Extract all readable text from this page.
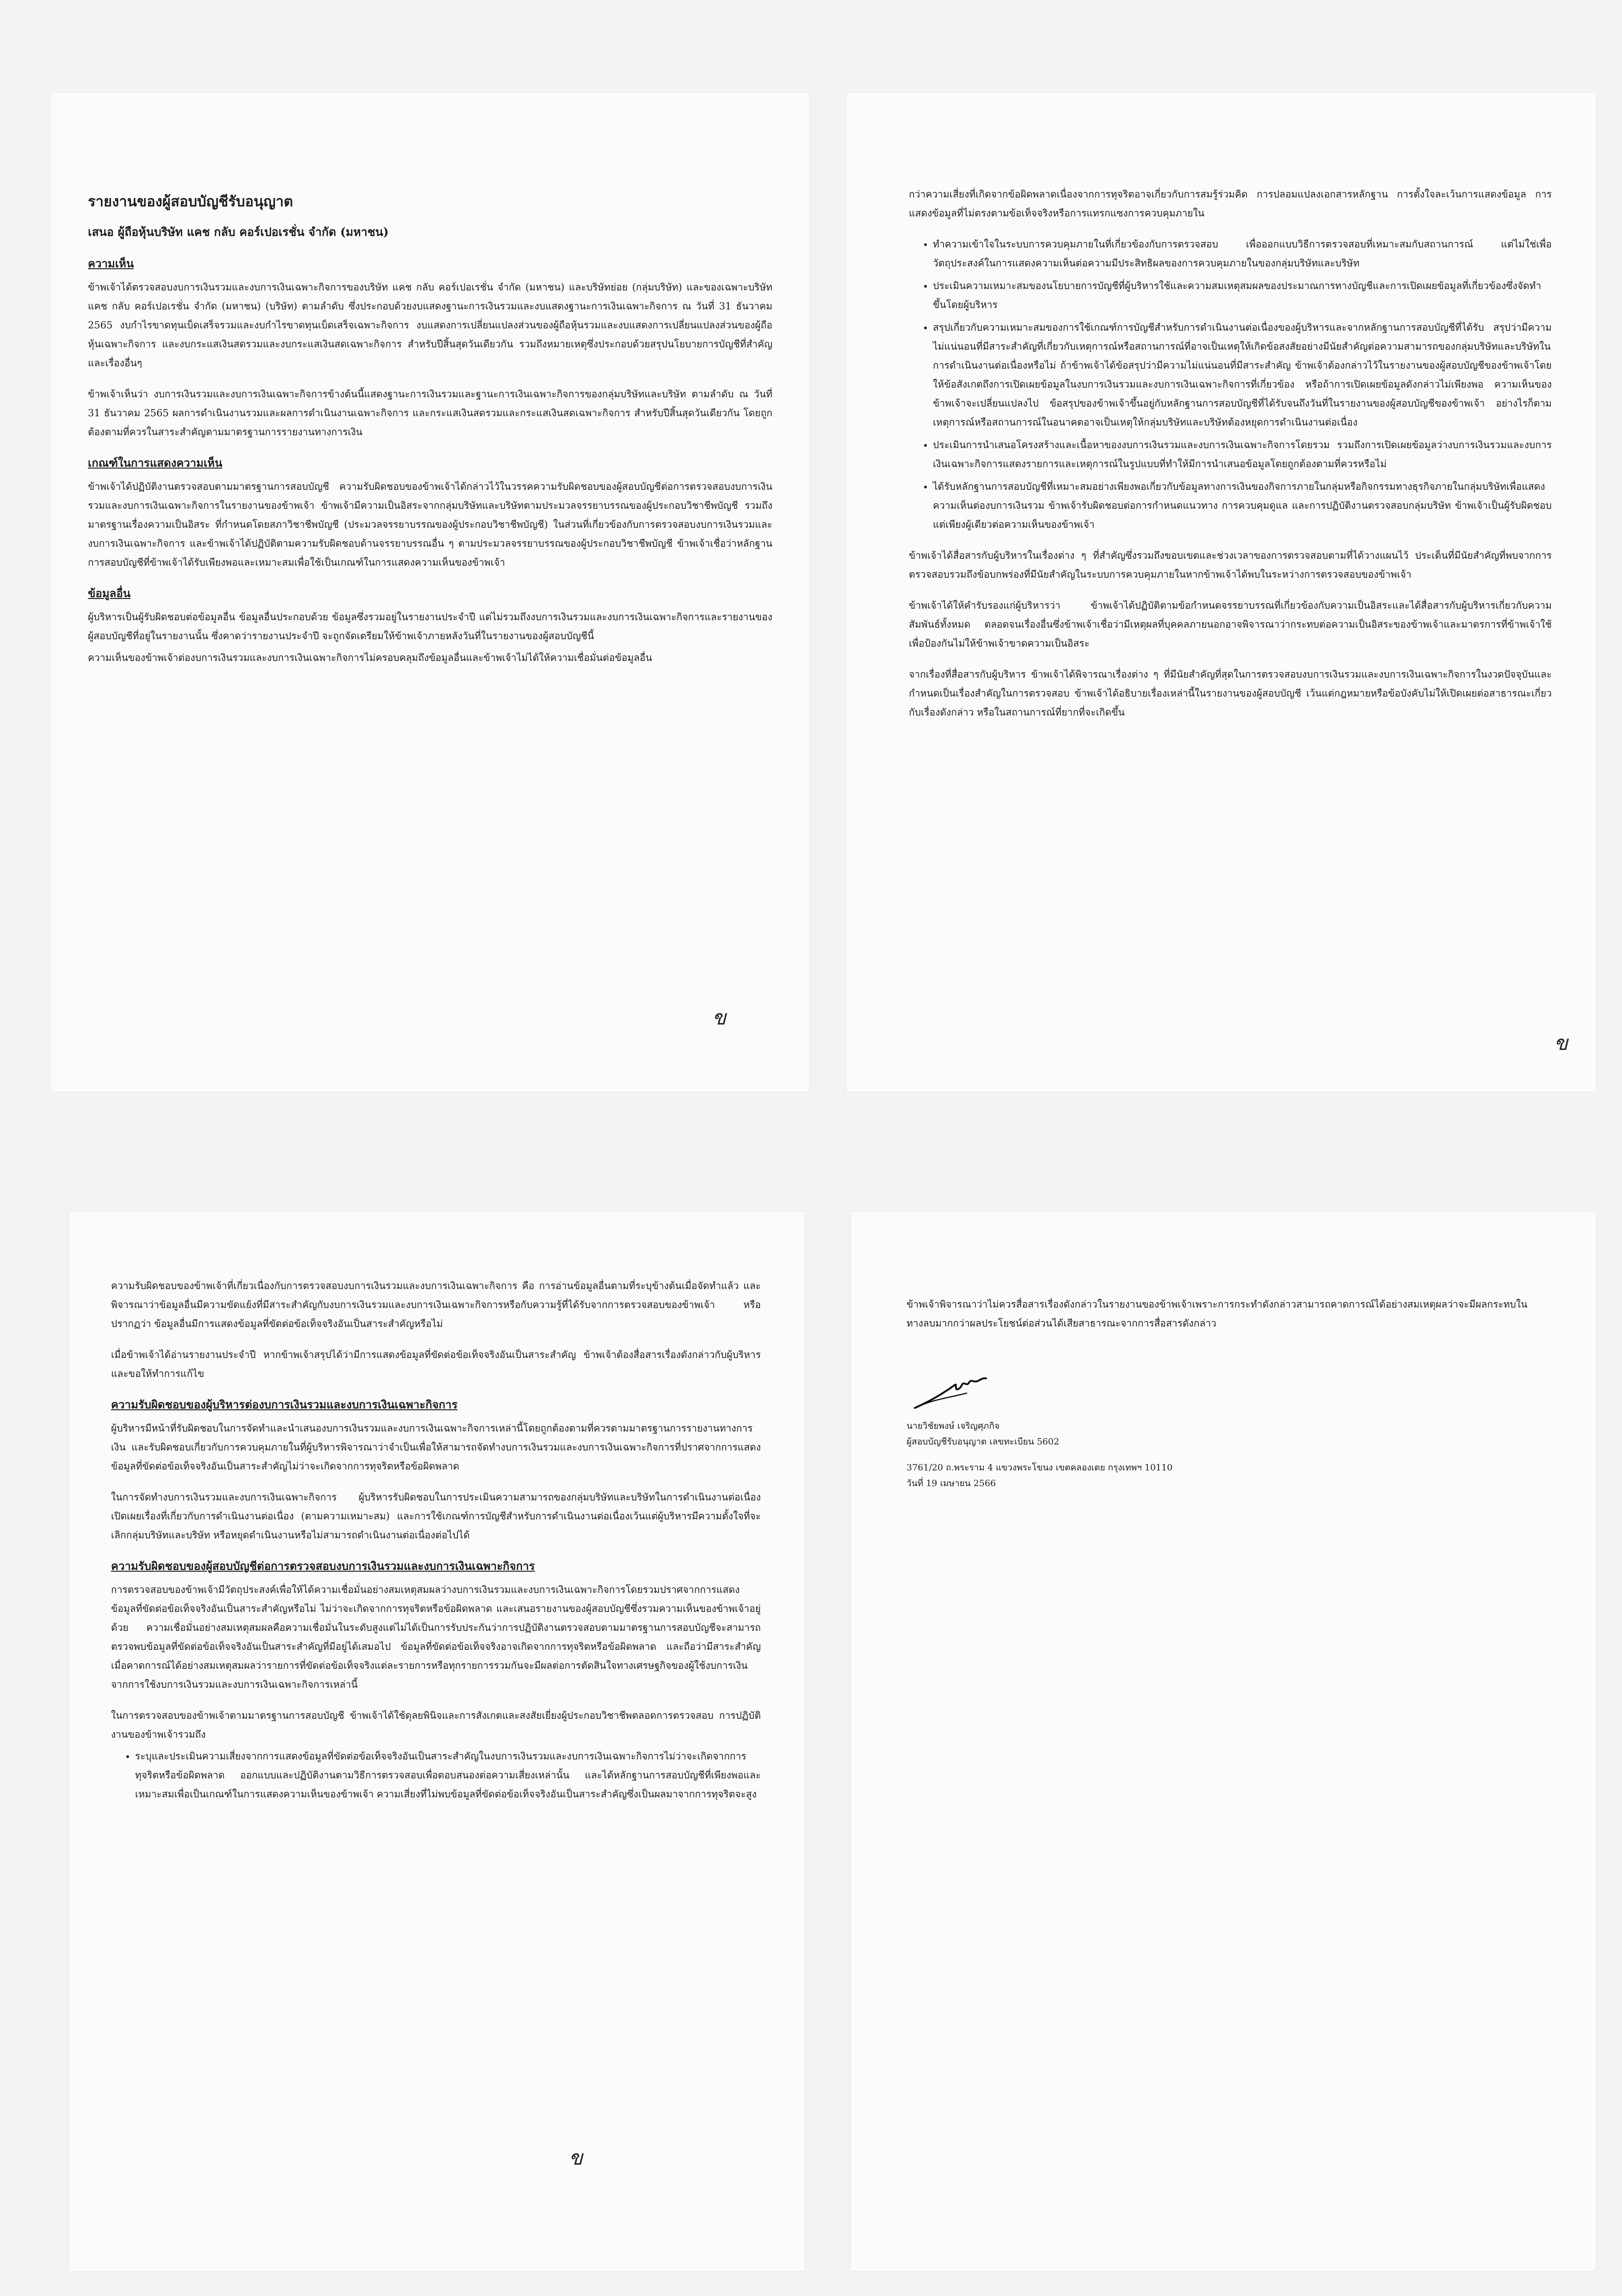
รายงานของผู้สอบบัญชีรับอนุญาต
เสนอ ผู้ถือหุ้นบริษัท แคช กลับ คอร์เปอเรชั่น จำกัด (มหาชน)
ความเห็น

ข้าพเจ้าได้ตรวจสอบงบการเงินรวมและงบการเงินเฉพาะกิจการของบริษัท แคช กลับ คอร์เปอเรชั่น จำกัด (มหาชน) และบริษัทย่อย (กลุ่มบริษัท) และของเฉพาะบริษัท แคช กลับ คอร์เปอเรชั่น จำกัด (มหาชน) (บริษัท) ตามลำดับ ซึ่งประกอบด้วยงบแสดงฐานะการเงินรวมและงบแสดงฐานะการเงินเฉพาะกิจการ ณ วันที่ 31 ธันวาคม 2565 งบกำไรขาดทุนเบ็ดเสร็จรวมและงบกำไรขาดทุนเบ็ดเสร็จเฉพาะกิจการ งบแสดงการเปลี่ยนแปลงส่วนของผู้ถือหุ้นรวมและงบแสดงการเปลี่ยนแปลงส่วนของผู้ถือหุ้นเฉพาะกิจการ และงบกระแสเงินสดรวมและงบกระแสเงินสดเฉพาะกิจการ สำหรับปีสิ้นสุดวันเดียวกัน รวมถึงหมายเหตุซึ่งประกอบด้วยสรุปนโยบายการบัญชีที่สำคัญและเรื่องอื่นๆ

ข้าพเจ้าเห็นว่า งบการเงินรวมและงบการเงินเฉพาะกิจการข้างต้นนี้แสดงฐานะการเงินรวมและฐานะการเงินเฉพาะกิจการของกลุ่มบริษัทและบริษัท ตามลำดับ ณ วันที่ 31 ธันวาคม 2565 ผลการดำเนินงานรวมและผลการดำเนินงานเฉพาะกิจการ และกระแสเงินสดรวมและกระแสเงินสดเฉพาะกิจการ สำหรับปีสิ้นสุดวันเดียวกัน โดยถูกต้องตามที่ควรในสาระสำคัญตามมาตรฐานการรายงานทางการเงิน

เกณฑ์ในการแสดงความเห็น

ข้าพเจ้าได้ปฏิบัติงานตรวจสอบตามมาตรฐานการสอบบัญชี ความรับผิดชอบของข้าพเจ้าได้กล่าวไว้ในวรรคความรับผิดชอบของผู้สอบบัญชีต่อการตรวจสอบงบการเงินรวมและงบการเงินเฉพาะกิจการในรายงานของข้าพเจ้า ข้าพเจ้ามีความเป็นอิสระจากกลุ่มบริษัทและบริษัทตามประมวลจรรยาบรรณของผู้ประกอบวิชาชีพบัญชี รวมถึง มาตรฐานเรื่องความเป็นอิสระ ที่กำหนดโดยสภาวิชาชีพบัญชี (ประมวลจรรยาบรรณของผู้ประกอบวิชาชีพบัญชี) ในส่วนที่เกี่ยวข้องกับการตรวจสอบงบการเงินรวมและงบการเงินเฉพาะกิจการ และข้าพเจ้าได้ปฏิบัติตามความรับผิดชอบด้านจรรยาบรรณอื่น ๆ ตามประมวลจรรยาบรรณของผู้ประกอบวิชาชีพบัญชี ข้าพเจ้าเชื่อว่าหลักฐานการสอบบัญชีที่ข้าพเจ้าได้รับเพียงพอและเหมาะสมเพื่อใช้เป็นเกณฑ์ในการแสดงความเห็นของข้าพเจ้า

ข้อมูลอื่น

ผู้บริหารเป็นผู้รับผิดชอบต่อข้อมูลอื่น ข้อมูลอื่นประกอบด้วย ข้อมูลซึ่งรวมอยู่ในรายงานประจำปี แต่ไม่รวมถึงงบการเงินรวมและงบการเงินเฉพาะกิจการและรายงานของผู้สอบบัญชีที่อยู่ในรายงานนั้น ซึ่งคาดว่ารายงานประจำปี จะถูกจัดเตรียมให้ข้าพเจ้าภายหลังวันที่ในรายงานของผู้สอบบัญชีนี้

ความเห็นของข้าพเจ้าต่องบการเงินรวมและงบการเงินเฉพาะกิจการไม่ครอบคลุมถึงข้อมูลอื่นและข้าพเจ้าไม่ได้ให้ความเชื่อมั่นต่อข้อมูลอื่น

ข

กว่าความเสี่ยงที่เกิดจากข้อผิดพลาดเนื่องจากการทุจริตอาจเกี่ยวกับการสมรู้ร่วมคิด การปลอมแปลงเอกสารหลักฐาน การตั้งใจละเว้นการแสดงข้อมูล การแสดงข้อมูลที่ไม่ตรงตามข้อเท็จจริงหรือการแทรกแซงการควบคุมภายใน

• ทำความเข้าใจในระบบการควบคุมภายในที่เกี่ยวข้องกับการตรวจสอบ เพื่อออกแบบวิธีการตรวจสอบที่เหมาะสมกับสถานการณ์ แต่ไม่ใช่เพื่อวัตถุประสงค์ในการแสดงความเห็นต่อความมีประสิทธิผลของการควบคุมภายในของกลุ่มบริษัทและบริษัท
• ประเมินความเหมาะสมของนโยบายการบัญชีที่ผู้บริหารใช้และความสมเหตุสมผลของประมาณการทางบัญชีและการเปิดเผยข้อมูลที่เกี่ยวข้องซึ่งจัดทำขึ้นโดยผู้บริหาร
• สรุปเกี่ยวกับความเหมาะสมของการใช้เกณฑ์การบัญชีสำหรับการดำเนินงานต่อเนื่องของผู้บริหารและจากหลักฐานการสอบบัญชีที่ได้รับ สรุปว่ามีความไม่แน่นอนที่มีสาระสำคัญที่เกี่ยวกับเหตุการณ์หรือสถานการณ์ที่อาจเป็นเหตุให้เกิดข้อสงสัยอย่างมีนัยสำคัญต่อความสามารถของกลุ่มบริษัทและบริษัทในการดำเนินงานต่อเนื่องหรือไม่ ถ้าข้าพเจ้าได้ข้อสรุปว่ามีความไม่แน่นอนที่มีสาระสำคัญ ข้าพเจ้าต้องกล่าวไว้ในรายงานของผู้สอบบัญชีของข้าพเจ้าโดยให้ข้อสังเกตถึงการเปิดเผยข้อมูลในงบการเงินรวมและงบการเงินเฉพาะกิจการที่เกี่ยวข้อง หรือถ้าการเปิดเผยข้อมูลดังกล่าวไม่เพียงพอ ความเห็นของข้าพเจ้าจะเปลี่ยนแปลงไป ข้อสรุปของข้าพเจ้าขึ้นอยู่กับหลักฐานการสอบบัญชีที่ได้รับจนถึงวันที่ในรายงานของผู้สอบบัญชีของข้าพเจ้า อย่างไรก็ตาม เหตุการณ์หรือสถานการณ์ในอนาคตอาจเป็นเหตุให้กลุ่มบริษัทและบริษัทต้องหยุดการดำเนินงานต่อเนื่อง
• ประเมินการนำเสนอโครงสร้างและเนื้อหาของงบการเงินรวมและงบการเงินเฉพาะกิจการโดยรวม รวมถึงการเปิดเผยข้อมูลว่างบการเงินรวมและงบการเงินเฉพาะกิจการแสดงรายการและเหตุการณ์ในรูปแบบที่ทำให้มีการนำเสนอข้อมูลโดยถูกต้องตามที่ควรหรือไม่
• ได้รับหลักฐานการสอบบัญชีที่เหมาะสมอย่างเพียงพอเกี่ยวกับข้อมูลทางการเงินของกิจการภายในกลุ่มหรือกิจกรรมทางธุรกิจภายในกลุ่มบริษัทเพื่อแสดงความเห็นต่องบการเงินรวม ข้าพเจ้ารับผิดชอบต่อการกำหนดแนวทาง การควบคุมดูแล และการปฏิบัติงานตรวจสอบกลุ่มบริษัท ข้าพเจ้าเป็นผู้รับผิดชอบแต่เพียงผู้เดียวต่อความเห็นของข้าพเจ้า

ข้าพเจ้าได้สื่อสารกับผู้บริหารในเรื่องต่าง ๆ ที่สำคัญซึ่งรวมถึงขอบเขตและช่วงเวลาของการตรวจสอบตามที่ได้วางแผนไว้ ประเด็นที่มีนัยสำคัญที่พบจากการตรวจสอบรวมถึงข้อบกพร่องที่มีนัยสำคัญในระบบการควบคุมภายในหากข้าพเจ้าได้พบในระหว่างการตรวจสอบของข้าพเจ้า

ข้าพเจ้าได้ให้คำรับรองแก่ผู้บริหารว่า ข้าพเจ้าได้ปฏิบัติตามข้อกำหนดจรรยาบรรณที่เกี่ยวข้องกับความเป็นอิสระและได้สื่อสารกับผู้บริหารเกี่ยวกับความสัมพันธ์ทั้งหมด ตลอดจนเรื่องอื่นซึ่งข้าพเจ้าเชื่อว่ามีเหตุผลที่บุคคลภายนอกอาจพิจารณาว่ากระทบต่อความเป็นอิสระของข้าพเจ้าและมาตรการที่ข้าพเจ้าใช้เพื่อป้องกันไม่ให้ข้าพเจ้าขาดความเป็นอิสระ

จากเรื่องที่สื่อสารกับผู้บริหาร ข้าพเจ้าได้พิจารณาเรื่องต่าง ๆ ที่มีนัยสำคัญที่สุดในการตรวจสอบงบการเงินรวมและงบการเงินเฉพาะกิจการในงวดปัจจุบันและกำหนดเป็นเรื่องสำคัญในการตรวจสอบ ข้าพเจ้าได้อธิบายเรื่องเหล่านี้ในรายงานของผู้สอบบัญชี เว้นแต่กฎหมายหรือข้อบังคับไม่ให้เปิดเผยต่อสาธารณะเกี่ยวกับเรื่องดังกล่าว หรือในสถานการณ์ที่ยากที่จะเกิดขึ้น

ข

ความรับผิดชอบของข้าพเจ้าที่เกี่ยวเนื่องกับการตรวจสอบงบการเงินรวมและงบการเงินเฉพาะกิจการ คือ การอ่านข้อมูลอื่นตามที่ระบุข้างต้นเมื่อจัดทำแล้ว และพิจารณาว่าข้อมูลอื่นมีความขัดแย้งที่มีสาระสำคัญกับงบการเงินรวมและงบการเงินเฉพาะกิจการหรือกับความรู้ที่ได้รับจากการตรวจสอบของข้าพเจ้า หรือปรากฏว่า ข้อมูลอื่นมีการแสดงข้อมูลที่ขัดต่อข้อเท็จจริงอันเป็นสาระสำคัญหรือไม่

เมื่อข้าพเจ้าได้อ่านรายงานประจำปี หากข้าพเจ้าสรุปได้ว่ามีการแสดงข้อมูลที่ขัดต่อข้อเท็จจริงอันเป็นสาระสำคัญ ข้าพเจ้าต้องสื่อสารเรื่องดังกล่าวกับผู้บริหารและขอให้ทำการแก้ไข

ความรับผิดชอบของผู้บริหารต่องบการเงินรวมและงบการเงินเฉพาะกิจการ

ผู้บริหารมีหน้าที่รับผิดชอบในการจัดทำและนำเสนองบการเงินรวมและงบการเงินเฉพาะกิจการเหล่านี้โดยถูกต้องตามที่ควรตามมาตรฐานการรายงานทางการเงิน และรับผิดชอบเกี่ยวกับการควบคุมภายในที่ผู้บริหารพิจารณาว่าจำเป็นเพื่อให้สามารถจัดทำงบการเงินรวมและงบการเงินเฉพาะกิจการที่ปราศจากการแสดงข้อมูลที่ขัดต่อข้อเท็จจริงอันเป็นสาระสำคัญไม่ว่าจะเกิดจากการทุจริตหรือข้อผิดพลาด

ในการจัดทำงบการเงินรวมและงบการเงินเฉพาะกิจการ ผู้บริหารรับผิดชอบในการประเมินความสามารถของกลุ่มบริษัทและบริษัทในการดำเนินงานต่อเนื่อง เปิดเผยเรื่องที่เกี่ยวกับการดำเนินงานต่อเนื่อง (ตามความเหมาะสม) และการใช้เกณฑ์การบัญชีสำหรับการดำเนินงานต่อเนื่องเว้นแต่ผู้บริหารมีความตั้งใจที่จะเลิกกลุ่มบริษัทและบริษัท หรือหยุดดำเนินงานหรือไม่สามารถดำเนินงานต่อเนื่องต่อไปได้

ความรับผิดชอบของผู้สอบบัญชีต่อการตรวจสอบงบการเงินรวมและงบการเงินเฉพาะกิจการ

การตรวจสอบของข้าพเจ้ามีวัตถุประสงค์เพื่อให้ได้ความเชื่อมั่นอย่างสมเหตุสมผลว่างบการเงินรวมและงบการเงินเฉพาะกิจการโดยรวมปราศจากการแสดงข้อมูลที่ขัดต่อข้อเท็จจริงอันเป็นสาระสำคัญหรือไม่ ไม่ว่าจะเกิดจากการทุจริตหรือข้อผิดพลาด และเสนอรายงานของผู้สอบบัญชีซึ่งรวมความเห็นของข้าพเจ้าอยู่ด้วย ความเชื่อมั่นอย่างสมเหตุสมผลคือความเชื่อมั่นในระดับสูงแต่ไม่ได้เป็นการรับประกันว่าการปฏิบัติงานตรวจสอบตามมาตรฐานการสอบบัญชีจะสามารถตรวจพบข้อมูลที่ขัดต่อข้อเท็จจริงอันเป็นสาระสำคัญที่มีอยู่ได้เสมอไป ข้อมูลที่ขัดต่อข้อเท็จจริงอาจเกิดจากการทุจริตหรือข้อผิดพลาด และถือว่ามีสาระสำคัญเมื่อคาดการณ์ได้อย่างสมเหตุสมผลว่ารายการที่ขัดต่อข้อเท็จจริงแต่ละรายการหรือทุกรายการรวมกันจะมีผลต่อการตัดสินใจทางเศรษฐกิจของผู้ใช้งบการเงินจากการใช้งบการเงินรวมและงบการเงินเฉพาะกิจการเหล่านี้

ในการตรวจสอบของข้าพเจ้าตามมาตรฐานการสอบบัญชี ข้าพเจ้าได้ใช้ดุลยพินิจและการสังเกตและสงสัยเยี่ยงผู้ประกอบวิชาชีพตลอดการตรวจสอบ การปฏิบัติงานของข้าพเจ้ารวมถึง

• ระบุและประเมินความเสี่ยงจากการแสดงข้อมูลที่ขัดต่อข้อเท็จจริงอันเป็นสาระสำคัญในงบการเงินรวมและงบการเงินเฉพาะกิจการไม่ว่าจะเกิดจากการทุจริตหรือข้อผิดพลาด ออกแบบและปฏิบัติงานตามวิธีการตรวจสอบเพื่อตอบสนองต่อความเสี่ยงเหล่านั้น และได้หลักฐานการสอบบัญชีที่เพียงพอและเหมาะสมเพื่อเป็นเกณฑ์ในการแสดงความเห็นของข้าพเจ้า ความเสี่ยงที่ไม่พบข้อมูลที่ขัดต่อข้อเท็จจริงอันเป็นสาระสำคัญซึ่งเป็นผลมาจากการทุจริตจะสูง
ข

ข้าพเจ้าพิจารณาว่าไม่ควรสื่อสารเรื่องดังกล่าวในรายงานของข้าพเจ้าเพราะการกระทำดังกล่าวสามารถคาดการณ์ได้อย่างสมเหตุผลว่าจะมีผลกระทบในทางลบมากกว่าผลประโยชน์ต่อส่วนได้เสียสาธารณะจากการสื่อสารดังกล่าว

นายวิชัยพงษ์ เจริญศุภกิจ

ผู้สอบบัญชีรับอนุญาต เลขทะเบียน 5602

3761/20 ถ.พระราม 4 แขวงพระโขนง เขตคลองเตย กรุงเทพฯ 10110

วันที่ 19 เมษายน 2566
